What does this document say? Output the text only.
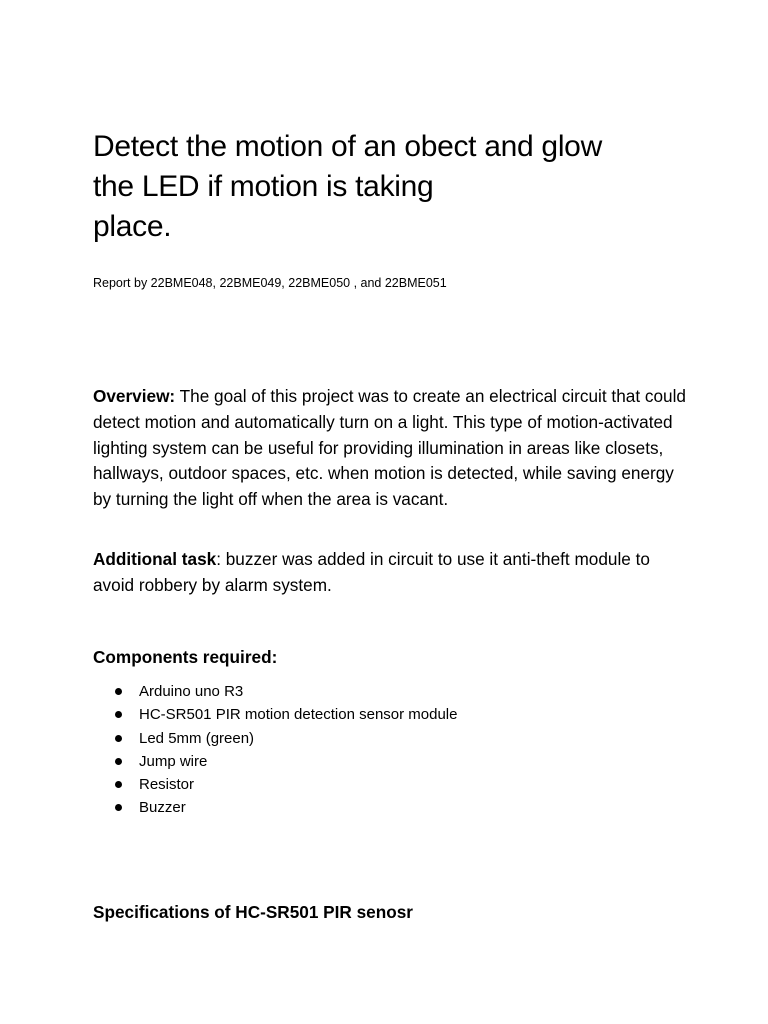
Detect the motion of an obect and glow
the LED if motion is taking
place.
Report by 22BME048, 22BME049, 22BME050 , and 22BME051

Overview: The goal of this project was to create an electrical circuit that could detect motion and automatically turn on a light. This type of motion-activated lighting system can be useful for providing illumination in areas like closets, hallways, outdoor spaces, etc. when motion is detected, while saving energy by turning the light off when the area is vacant.

Additional task: buzzer was added in circuit to use it anti-theft module to avoid robbery by alarm system.

Components required:
Arduino uno R3
HC-SR501 PIR motion detection sensor module
Led 5mm (green)
Jump wire
Resistor
Buzzer
Specifications of HC-SR501 PIR senosr
